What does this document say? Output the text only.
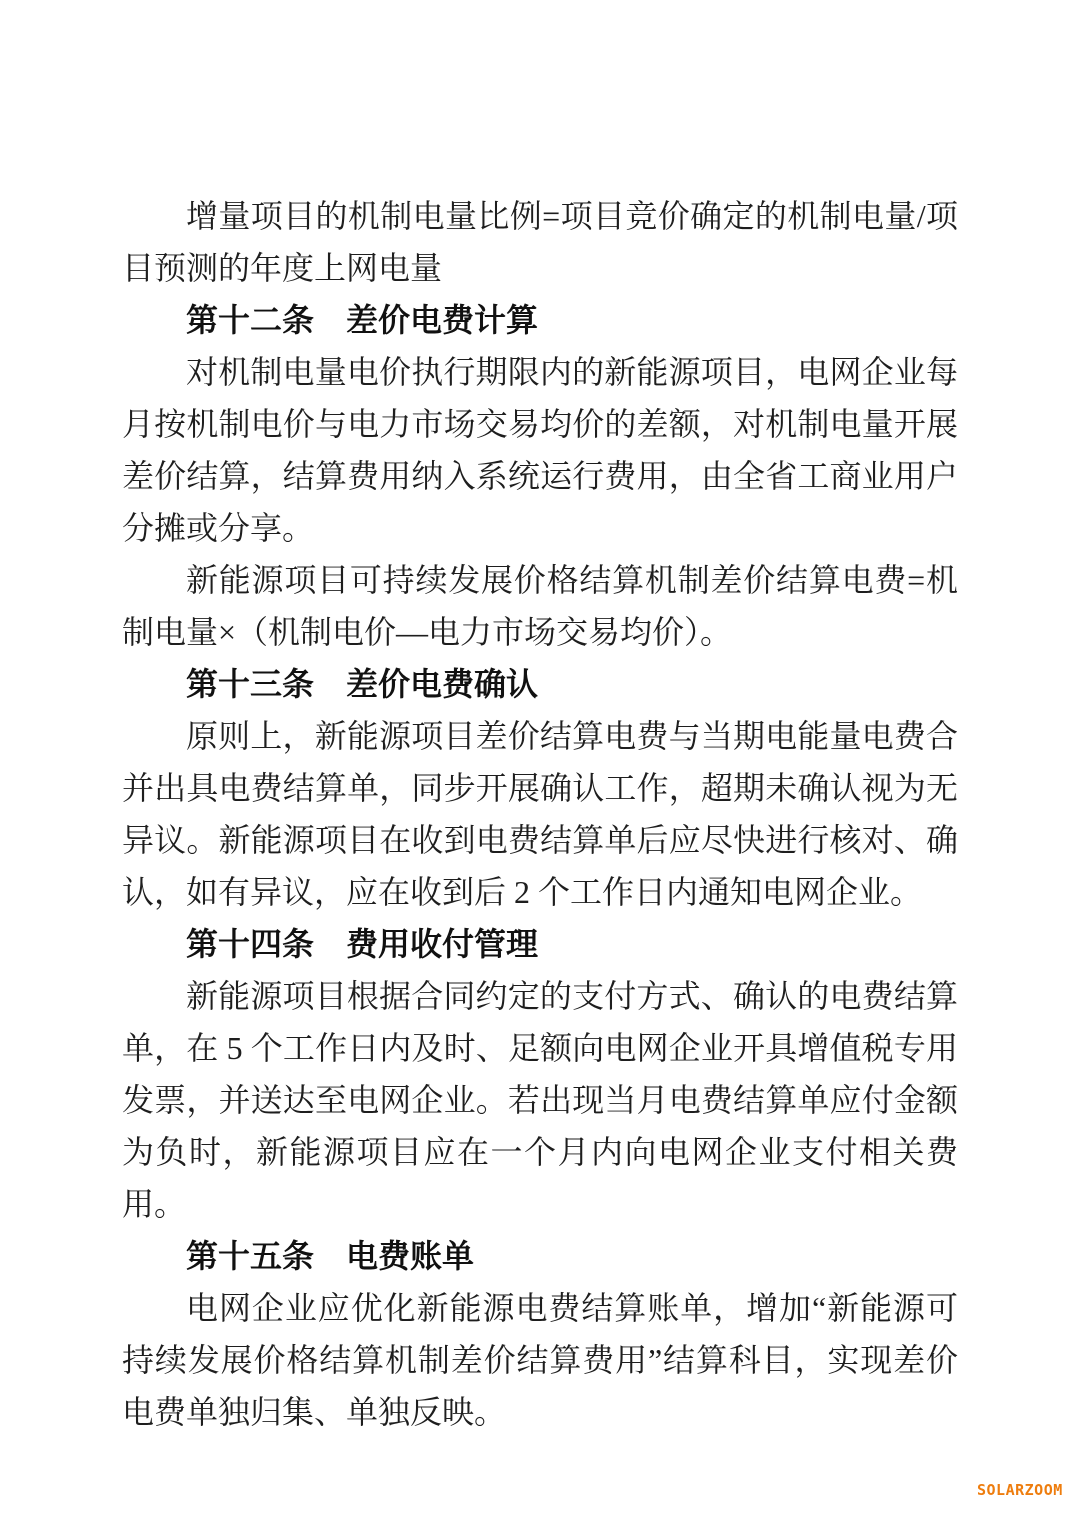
增量项目的机制电量比例=项目竞价确定的机制电量/项目预测的年度上网电量

第十二条　差价电费计算

对机制电量电价执行期限内的新能源项目，电网企业每月按机制电价与电力市场交易均价的差额，对机制电量开展差价结算，结算费用纳入系统运行费用，由全省工商业用户分摊或分享。

新能源项目可持续发展价格结算机制差价结算电费=机制电量×（机制电价—电力市场交易均价）。

第十三条　差价电费确认

原则上，新能源项目差价结算电费与当期电能量电费合并出具电费结算单，同步开展确认工作，超期未确认视为无异议。新能源项目在收到电费结算单后应尽快进行核对、确认，如有异议，应在收到后 2 个工作日内通知电网企业。

第十四条　费用收付管理

新能源项目根据合同约定的支付方式、确认的电费结算单，在 5 个工作日内及时、足额向电网企业开具增值税专用发票，并送达至电网企业。若出现当月电费结算单应付金额为负时，新能源项目应在一个月内向电网企业支付相关费用。

第十五条　电费账单

电网企业应优化新能源电费结算账单，增加“新能源可持续发展价格结算机制差价结算费用”结算科目，实现差价电费单独归集、单独反映。

SOLARZOOM
